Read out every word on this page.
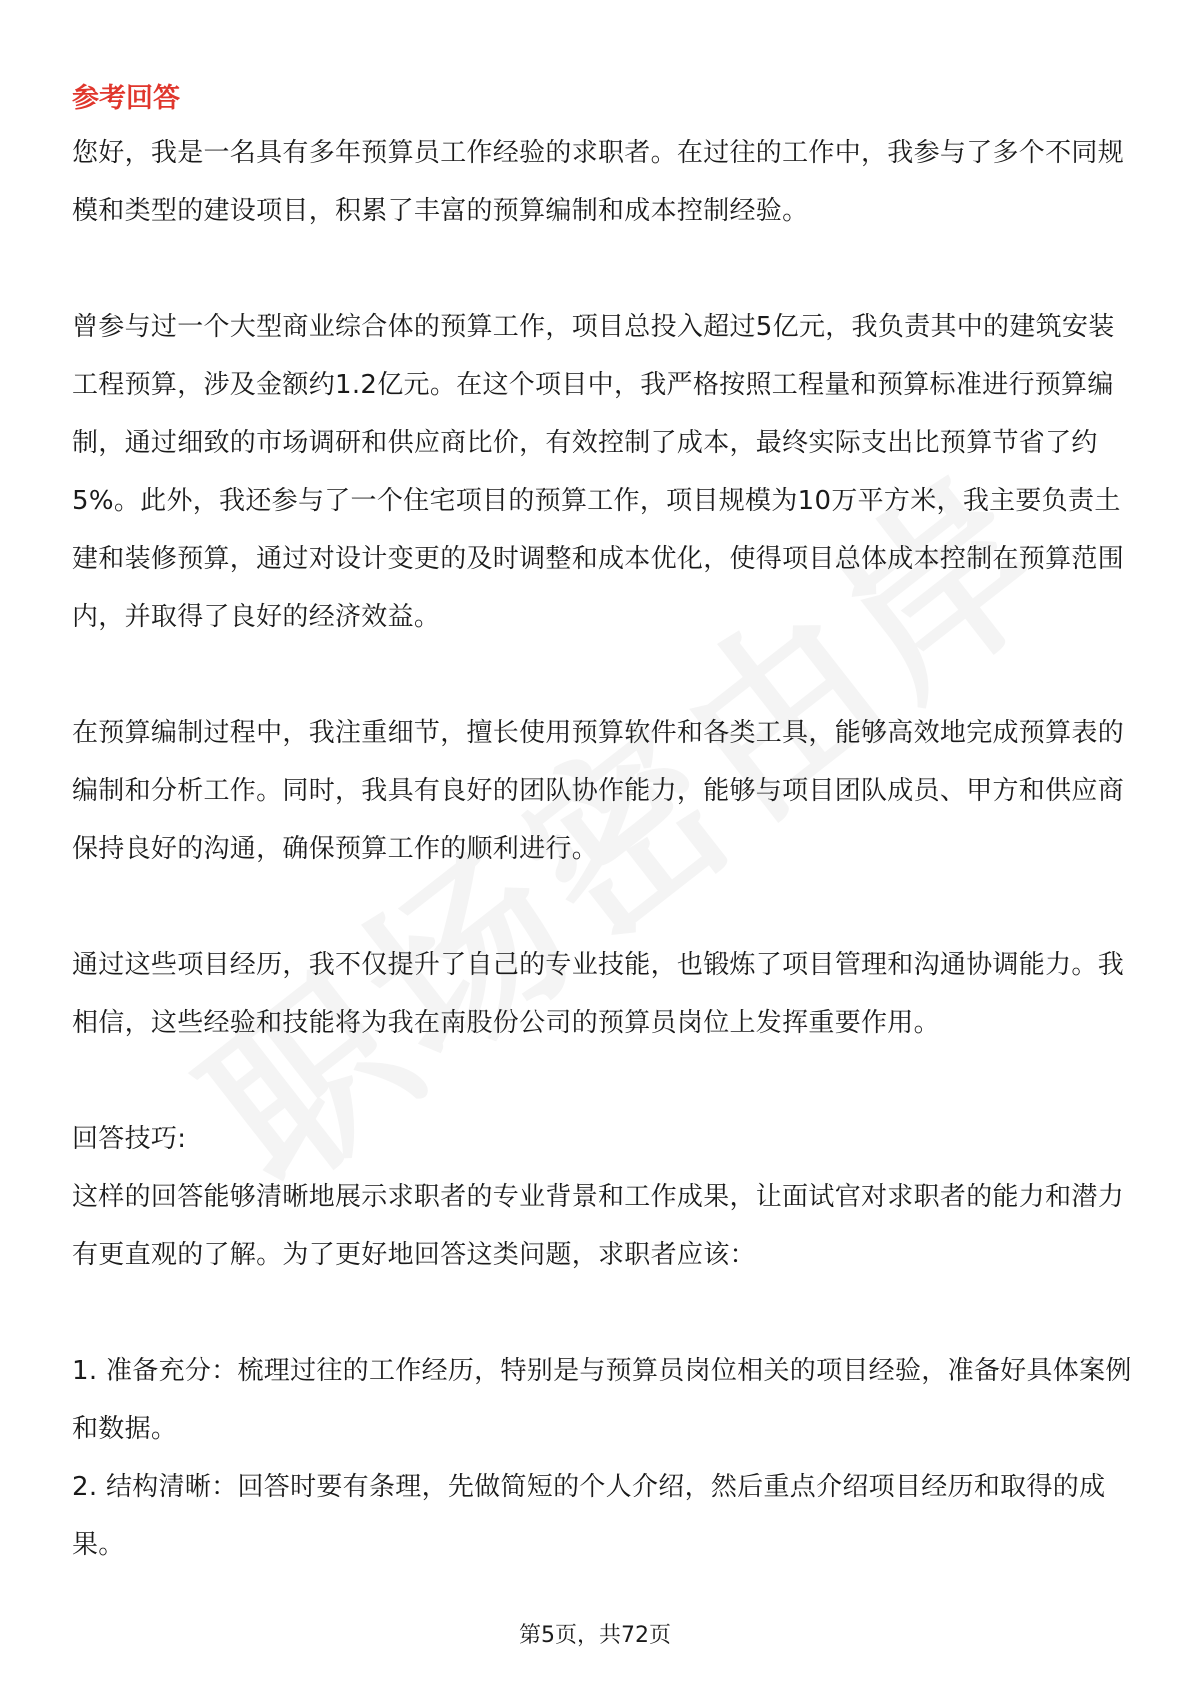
参考回答

您好，我是一名具有多年预算员工作经验的求职者。在过往的工作中，我参与了多个不同规模和类型的建设项目，积累了丰富的预算编制和成本控制经验。

曾参与过一个大型商业综合体的预算工作，项目总投入超过5亿元，我负责其中的建筑安装工程预算，涉及金额约1.2亿元。在这个项目中，我严格按照工程量和预算标准进行预算编制，通过细致的市场调研和供应商比价，有效控制了成本，最终实际支出比预算节省了约5%。此外，我还参与了一个住宅项目的预算工作，项目规模为10万平方米，我主要负责土建和装修预算，通过对设计变更的及时调整和成本优化，使得项目总体成本控制在预算范围内，并取得了良好的经济效益。

在预算编制过程中，我注重细节，擅长使用预算软件和各类工具，能够高效地完成预算表的编制和分析工作。同时，我具有良好的团队协作能力，能够与项目团队成员、甲方和供应商保持良好的沟通，确保预算工作的顺利进行。

通过这些项目经历，我不仅提升了自己的专业技能，也锻炼了项目管理和沟通协调能力。我相信，这些经验和技能将为我在南股份公司的预算员岗位上发挥重要作用。

回答技巧:

这样的回答能够清晰地展示求职者的专业背景和工作成果，让面试官对求职者的能力和潜力有更直观的了解。为了更好地回答这类问题，求职者应该：

1. 准备充分：梳理过往的工作经历，特别是与预算员岗位相关的项目经验，准备好具体案例和数据。

2. 结构清晰：回答时要有条理，先做简短的个人介绍，然后重点介绍项目经历和取得的成果。

第5页，共72页
